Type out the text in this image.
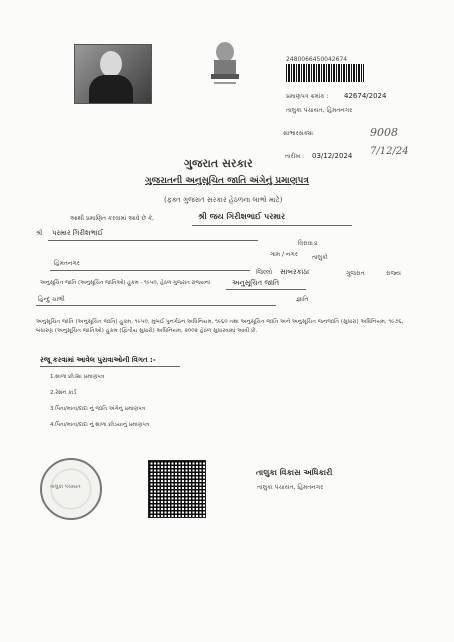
2480066450042674
પ્રમાણપત્ર ક્રમાંક : 42674/2024
તાલુકા પંચાયત, હિંમતનગર
સાભારસંક્યા	9008
તારીખ : 03/12/2024 7/12/24
ગુજરાત સરકાર
ગુજરાતની અનુસૂચિત જાતિ અંગેનું પ્રમાણપત્ર
(ફક્ત ગુજરાત સરકાર હેઠળના લાભો માટે)
આથી પ્રમાણિત કરવામાં આવે છે કે,	શ્રી જય ગિરીશભાઈ પરમાર
શ્રી પરમાર ગિરીશભાઈ
વિરાવાડા
ગામ / નગર તાલુકો
હિંમતનગર
જિલ્લો સાબરકાંઠા	ગુજરાત	રાજ્ય
અનુસૂચિત જાતિ (અનુસૂચિત જાતિઓ) હુકમ - ૧૯૫૦, હેઠળ ગુજરાત રાજ્યના	અનુસૂચિત જાતિ
જ્ઞાતિ
હિન્દુ ચાંભી
અનુસૂચિત જાતિ (અનુસૂચિત જાતિ) હુકમ, ૧૯૫૦, મુંબઈ પુનર્ગઠન અધિનિયમ, ૧૯૬૦ તથા અનુસૂચિત જાતિ અને અનુસૂચિત જનજાતિ (સુધારા) અધિનિયમ, ૧૯૭૬, બંધારણ (અનુસૂચિત જાતિઓ) હુકમ (દ્વિતીય સુધારો) અધિનિયમ, ૨૦૦૨ હેઠળ સુધારવામાં આવી છે.
રજૂ કરવામાં આવેલ પુરાવાઓની વિગત :-
1.શાળા છોડ્યા પ્રમાણપત્ર
2.રેશન કાર્ડ
3.પિતા/માતા/દાદા નું જાતિ અંગેનું પ્રમાણપત્ર
4.પિતા/માતા/દાદા નું શાળા છોડયાનું પ્રમાણપત્ર
તાલુકા પંચાયત
તાલુકા વિકાસ અધિકારી
તાલુકા પંચાયત, હિંમતનગર
